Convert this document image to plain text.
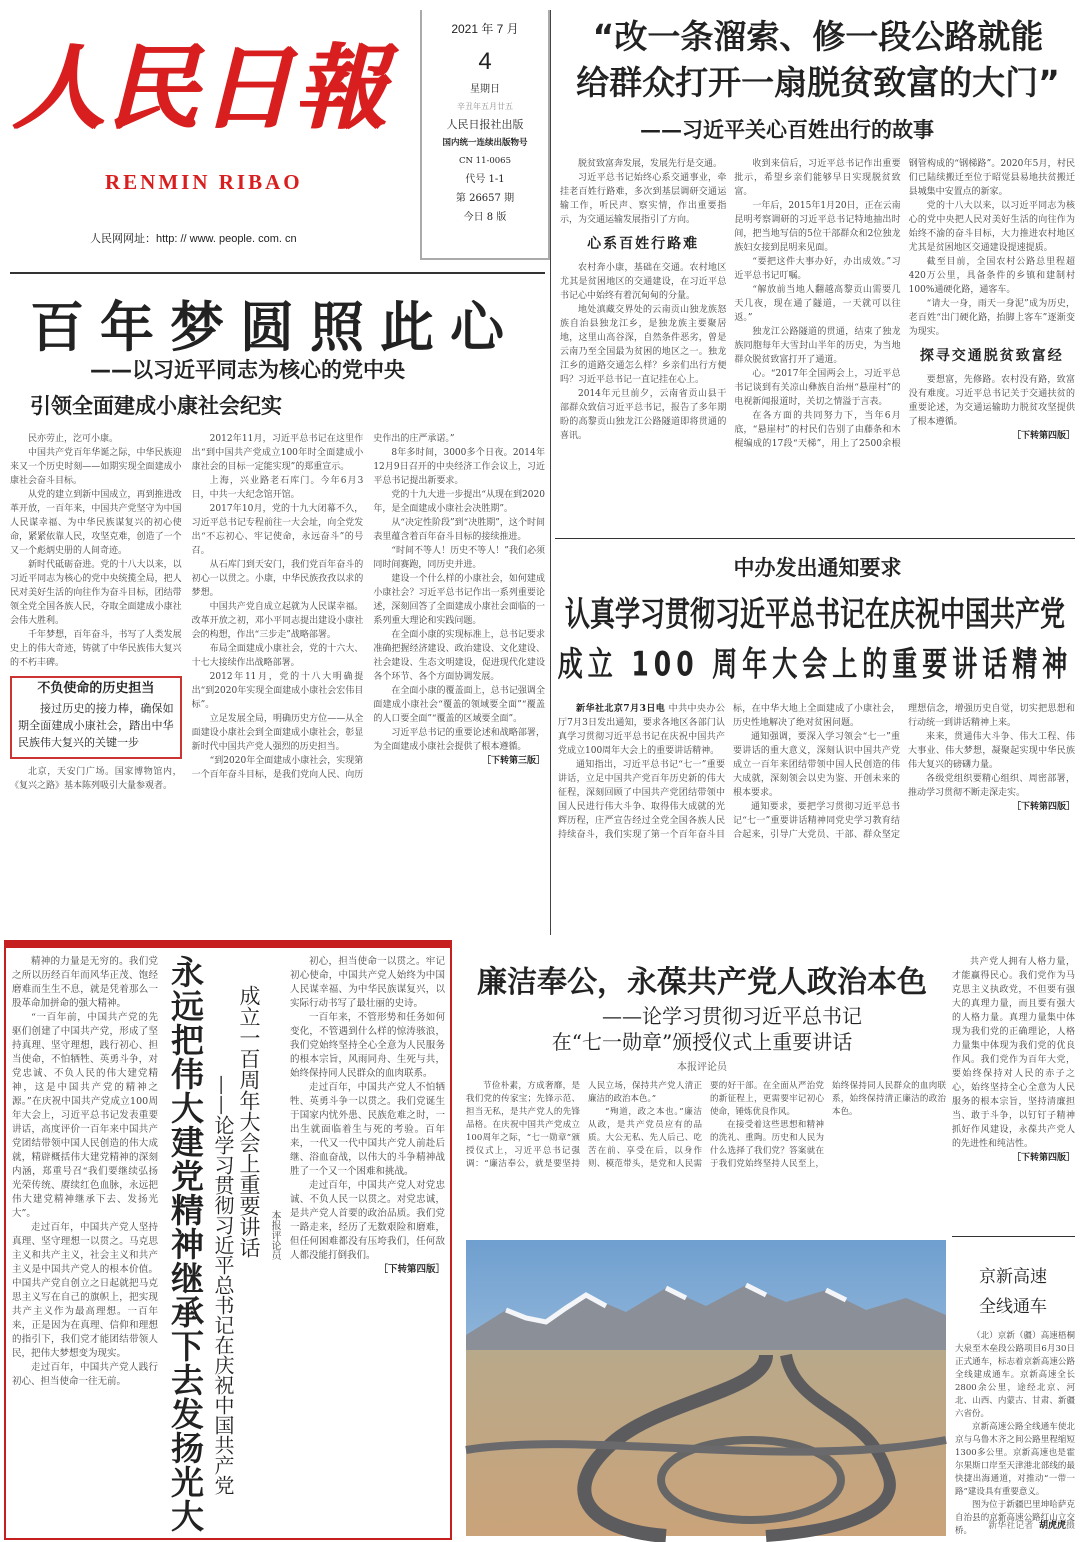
人民日報
RENMIN RIBAO
人民网网址：http: // www. people. com. cn
2021 年 7 月
4
星期日
辛丑年五月廿五
人民日报社出版
国内统一连续出版物号
CN 11-0065
代号 1-1
第 26657 期
今日 8 版
“改一条溜索、修一段公路就能
给群众打开一扇脱贫致富的大门”
——习近平关心百姓出行的故事

脱贫致富奔发展，发展先行是交通。

习近平总书记始终心系交通事业，牵挂老百姓行路难，多次到基层调研交通运输工作，听民声、察实情，作出重要指示，为交通运输发展指引了方向。

心系百姓行路难

农村奔小康，基础在交通。农村地区尤其是贫困地区的交通建设，在习近平总书记心中始终有着沉甸甸的分量。

地处滇藏交界处的云南贡山独龙族怒族自治县独龙江乡，是独龙族主要聚居地，这里山高谷深，自然条件恶劣，曾是云南乃至全国最为贫困的地区之一。独龙江乡的道路交通怎么样？乡亲们出行方便吗？习近平总书记一直记挂在心上。

2014年元旦前夕，云南省贡山县干部群众致信习近平总书记，报告了多年期盼的高黎贡山独龙江公路隧道即将贯通的喜讯。

收到来信后，习近平总书记作出重要批示，希望乡亲们能够早日实现脱贫致富。

一年后，2015年1月20日，正在云南昆明考察调研的习近平总书记特地抽出时间，把当地写信的5位干部群众和2位独龙族妇女接到昆明来见面。

“要把这件大事办好，办出成效。”习近平总书记叮嘱。

“解放前当地人翻越高黎贡山需要几天几夜，现在通了隧道，一天就可以往返。”

独龙江公路隧道的贯通，结束了独龙族同胞每年大雪封山半年的历史，为当地群众脱贫致富打开了通道。

心。“2017年全国两会上，习近平总书记谈到有关凉山彝族自治州“悬崖村”的电视新闻报道时，关切之情溢于言表。

在各方面的共同努力下，当年6月底，“悬崖村”的村民们告别了由藤条和木棍编成的17段“天梯”，用上了2500余根钢管构成的“钢梯路”。2020年5月，村民们已陆续搬迁至位于昭觉县易地扶贫搬迁县城集中安置点的新家。

党的十八大以来，以习近平同志为核心的党中央把人民对美好生活的向往作为始终不渝的奋斗目标，大力推进农村地区尤其是贫困地区交通建设提速提质。

截至目前，全国农村公路总里程超420万公里，具备条件的乡镇和建制村100%通硬化路，通客车。

“请大一身，雨天一身泥”成为历史，老百姓“出门硬化路，抬脚上客车”逐渐变为现实。

探寻交通脱贫致富经

要想富，先修路。农村没有路，致富没有难度。习近平总书记关于交通扶贫的重要论述，为交通运输助力脱贫攻坚提供了根本遵循。

［下转第四版］
百年梦圆照此心
——以习近平同志为核心的党中央
引领全面建成小康社会纪实

民亦劳止，汔可小康。

中国共产党百年华诞之际，中华民族迎来又一个历史时刻——如期实现全面建成小康社会奋斗目标。

从党的建立到新中国成立，再到推进改革开放，一百年来，中国共产党坚守为中国人民谋幸福、为中华民族谋复兴的初心使命，紧紧依靠人民，攻坚克难，创造了一个又一个彪炳史册的人间奇迹。

新时代砥砺奋进。党的十八大以来，以习近平同志为核心的党中央统揽全局，把人民对美好生活的向往作为奋斗目标，团结带领全党全国各族人民，夺取全面建成小康社会伟大胜利。

千年梦想，百年奋斗，书写了人类发展史上的伟大奇迹，铸就了中华民族伟大复兴的不朽丰碑。

不负使命的历史担当
接过历史的接力棒，确保如期全面建成小康社会，踏出中华民族伟大复兴的关键一步

北京，天安门广场。国家博物馆内，《复兴之路》基本陈列吸引大量参观者。

2012年11月，习近平总书记在这里作出“到中国共产党成立100年时全面建成小康社会的目标一定能实现”的郑重宣示。

上海，兴业路老石库门。今年6月3日，中共一大纪念馆开馆。

2017年10月，党的十九大闭幕不久，习近平总书记专程前往一大会址，向全党发出“不忘初心、牢记使命，永远奋斗”的号召。

从石库门到天安门，我们党百年奋斗的初心一以贯之。小康，中华民族孜孜以求的梦想。

中国共产党自成立起就为人民谋幸福。改革开放之初，邓小平同志提出建设小康社会的构想，作出“三步走”战略部署。

布局全面建成小康社会，党的十六大、十七大接续作出战略部署。

2012年11月，党的十八大明确提出“到2020年实现全面建成小康社会宏伟目标”。

立足发展全局，明确历史方位——从全面建设小康社会到全面建成小康社会，彰显新时代中国共产党人强烈的历史担当。

“到2020年全面建成小康社会，实现第一个百年奋斗目标，是我们党向人民、向历史作出的庄严承诺。”

8年多时间，3000多个日夜。2014年12月9日召开的中央经济工作会议上，习近平总书记提出新要求。

党的十九大进一步提出“从现在到2020年，是全面建成小康社会决胜期”。

从“决定性阶段”到“决胜期”，这个时间表里蕴含着百年奋斗目标的接续推进。

“时间不等人！历史不等人！”我们必须同时间赛跑，同历史并进。

建设一个什么样的小康社会，如何建成小康社会？习近平总书记作出一系列重要论述，深刻回答了全面建成小康社会面临的一系列重大理论和实践问题。

在全面小康的实现标准上，总书记要求准确把握经济建设、政治建设、文化建设、社会建设、生态文明建设，促进现代化建设各个环节、各个方面协调发展。

在全面小康的覆盖面上，总书记强调全面建成小康社会“覆盖的领域要全面”“覆盖的人口要全面”“覆盖的区域要全面”。

习近平总书记的重要论述和战略部署，为全面建成小康社会提供了根本遵循。

［下转第三版］
中办发出通知要求
认真学习贯彻习近平总书记在庆祝中国共产党
成立 100 周年大会上的重要讲话精神

新华社北京7月3日电 中共中央办公厅7月3日发出通知，要求各地区各部门认真学习贯彻习近平总书记在庆祝中国共产党成立100周年大会上的重要讲话精神。

通知指出，习近平总书记“七一”重要讲话，立足中国共产党百年历史新的伟大征程，深刻回顾了中国共产党团结带领中国人民进行伟大斗争、取得伟大成就的光辉历程，庄严宣告经过全党全国各族人民持续奋斗，我们实现了第一个百年奋斗目标，在中华大地上全面建成了小康社会，历史性地解决了绝对贫困问题。

通知强调，要深入学习领会“七一”重要讲话的重大意义，深刻认识中国共产党成立一百年来团结带领中国人民创造的伟大成就，深刻领会以史为鉴、开创未来的根本要求。

通知要求，要把学习贯彻习近平总书记“七一”重要讲话精神同党史学习教育结合起来，引导广大党员、干部、群众坚定理想信念，增强历史自觉，切实把思想和行动统一到讲话精神上来。

来来，贯通伟大斗争、伟大工程、伟大事业、伟大梦想，凝聚起实现中华民族伟大复兴的磅礴力量。

各级党组织要精心组织、周密部署，推动学习贯彻不断走深走实。

［下转第四版］

精神的力量是无穷的。我们党之所以历经百年而风华正茂、饱经磨难而生生不息，就是凭着那么一股革命加拼命的强大精神。

“一百年前，中国共产党的先驱们创建了中国共产党，形成了坚持真理、坚守理想，践行初心、担当使命，不怕牺牲、英勇斗争，对党忠诚、不负人民的伟大建党精神，这是中国共产党的精神之源。”在庆祝中国共产党成立100周年大会上，习近平总书记发表重要讲话，高度评价一百年来中国共产党团结带领中国人民创造的伟大成就，精辟概括伟大建党精神的深刻内涵，郑重号召“我们要继续弘扬光荣传统、赓续红色血脉，永远把伟大建党精神继承下去、发扬光大”。

走过百年，中国共产党人坚持真理、坚守理想一以贯之。马克思主义和共产主义，社会主义和共产主义是中国共产党人的根本价值。中国共产党自创立之日起就把马克思主义写在自己的旗帜上，把实现共产主义作为最高理想。一百年来，正是因为在真理、信仰和理想的指引下，我们党才能团结带领人民，把伟大梦想变为现实。

走过百年，中国共产党人践行初心、担当使命一往无前。	永远把伟大建党精神继承下去发扬光大 成立一百周年大会上重要讲话
——论学习贯彻习近平总书记在庆祝中国共产党	本报评论员

初心，担当使命一以贯之。牢记初心使命，中国共产党人始终为中国人民谋幸福、为中华民族谋复兴，以实际行动书写了最壮丽的史诗。

一百年来，不管形势和任务如何变化，不管遇到什么样的惊涛骇浪，我们党始终坚持全心全意为人民服务的根本宗旨，风雨同舟、生死与共，始终保持同人民群众的血肉联系。

走过百年，中国共产党人不怕牺牲、英勇斗争一以贯之。我们党诞生于国家内忧外患、民族危难之时，一出生就面临着生与死的考验。百年来，一代又一代中国共产党人前赴后继、浴血奋战，以伟大的斗争精神战胜了一个又一个困难和挑战。

走过百年，中国共产党人对党忠诚、不负人民一以贯之。对党忠诚，是共产党人首要的政治品质。我们党一路走来，经历了无数艰险和磨难，但任何困难都没有压垮我们，任何敌人都没能打倒我们。

［下转第四版］
廉洁奉公，永葆共产党人政治本色
——论学习贯彻习近平总书记
在“七一勋章”颁授仪式上重要讲话
本报评论员

节俭朴素，方成奢靡，是我们党的传家宝；先锋示范、担当无私，是共产党人的先锋品格。在庆祝中国共产党成立100周年之际，“七一勋章”颁授仪式上，习近平总书记强调：“廉洁奉公，就是要坚持人民立场，保持共产党人清正廉洁的政治本色。”

“殉道，政之本也。”廉洁从政，是共产党员应有的品质。大公无私、先人后己、吃苦在前、享受在后，以身作则、模范带头，是党和人民需要的好干部。在全面从严治党的新征程上，更需要牢记初心使命，锤炼优良作风。

在接受着这些思想和精神的洗礼、重陶。历史和人民为什么选择了我们党？答案就在于我们党始终坚持人民至上，始终保持同人民群众的血肉联系，始终保持清正廉洁的政治本色。

共产党人拥有人格力量，才能赢得民心。我们党作为马克思主义执政党，不但要有强大的真理力量，而且要有强大的人格力量。真理力量集中体现为我们党的正确理论，人格力量集中体现为我们党的优良作风。我们党作为百年大党，要始终保持对人民的赤子之心，始终坚持全心全意为人民服务的根本宗旨，坚持清廉担当、敢于斗争，以钉钉子精神抓好作风建设，永葆共产党人的先进性和纯洁性。

［下转第四版］
京新高速
全线通车

（北）京新（疆）高速梧桐大泉至木垒段公路项目6月30日正式通车，标志着京新高速公路全线建成通车。京新高速全长2800余公里，途经北京、河北、山西、内蒙古、甘肃、新疆六省份。

京新高速公路全线通车使北京与乌鲁木齐之间公路里程缩短1300多公里。京新高速也是霍尔果斯口岸至天津港北部线的最快捷出海通道，对推动“一带一路”建设具有重要意义。

图为位于新疆巴里坤哈萨克自治县的京新高速公路红山立交桥。	新华社记者 胡虎虎摄
